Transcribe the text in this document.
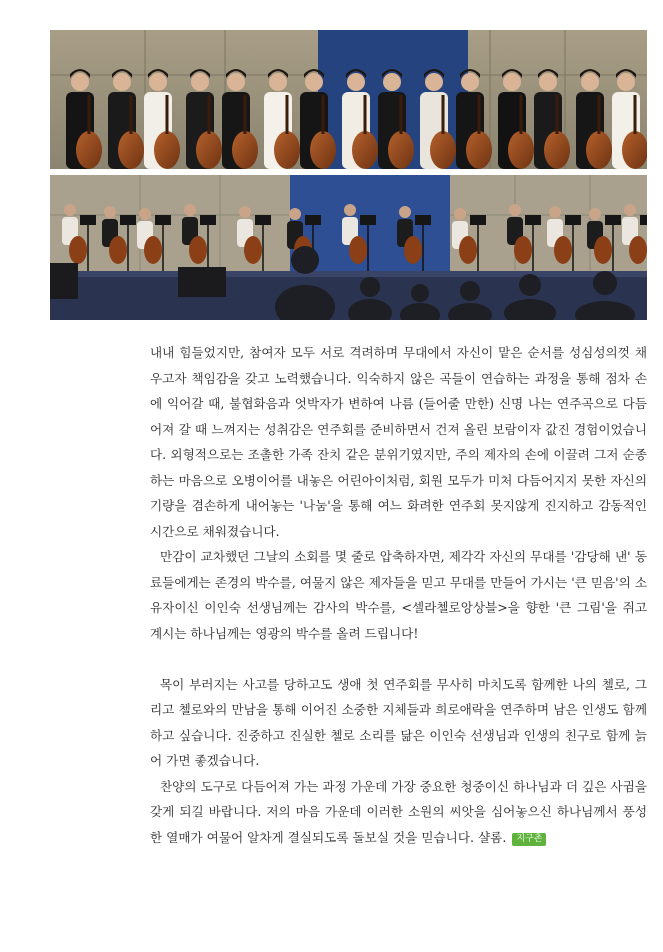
내내 힘들었지만, 참여자 모두 서로 격려하며 무대에서 자신이 맡은 순서를 성심성의껏 채우고자 책임감을 갖고 노력했습니다. 익숙하지 않은 곡들이 연습하는 과정을 통해 점차 손에 익어갈 때, 불협화음과 엇박자가 변하여 나름 (들어줄 만한) 신명 나는 연주곡으로 다듬어져 갈 때 느껴지는 성취감은 연주회를 준비하면서 건져 올린 보람이자 값진 경험이었습니다. 외형적으로는 조촐한 가족 잔치 같은 분위기였지만, 주의 제자의 손에 이끌려 그저 순종하는 마음으로 오병이어를 내놓은 어린아이처럼, 회원 모두가 미처 다듬어지지 못한 자신의 기량을 겸손하게 내어놓는 '나눔'을 통해 여느 화려한 연주회 못지않게 진지하고 감동적인 시간으로 채워졌습니다.

만감이 교차했던 그날의 소회를 몇 줄로 압축하자면, 제각각 자신의 무대를 '감당해 낸' 동료들에게는 존경의 박수를, 여물지 않은 제자들을 믿고 무대를 만들어 가시는 '큰 믿음'의 소유자이신 이인숙 선생님께는 감사의 박수를, <셀라첼로앙상블>을 향한 '큰 그림'을 쥐고 계시는 하나님께는 영광의 박수를 올려 드립니다!

목이 부러지는 사고를 당하고도 생애 첫 연주회를 무사히 마치도록 함께한 나의 첼로, 그리고 첼로와의 만남을 통해 이어진 소중한 지체들과 희로애락을 연주하며 남은 인생도 함께하고 싶습니다. 진중하고 진실한 첼로 소리를 닮은 이인숙 선생님과 인생의 친구로 함께 늙어 가면 좋겠습니다.

찬양의 도구로 다듬어져 가는 과정 가운데 가장 중요한 청중이신 하나님과 더 깊은 사귐을 갖게 되길 바랍니다. 저의 마음 가운데 이러한 소원의 씨앗을 심어놓으신 하나님께서 풍성한 열매가 여물어 알차게 결실되도록 돌보실 것을 믿습니다. 샬롬. 지구촌
